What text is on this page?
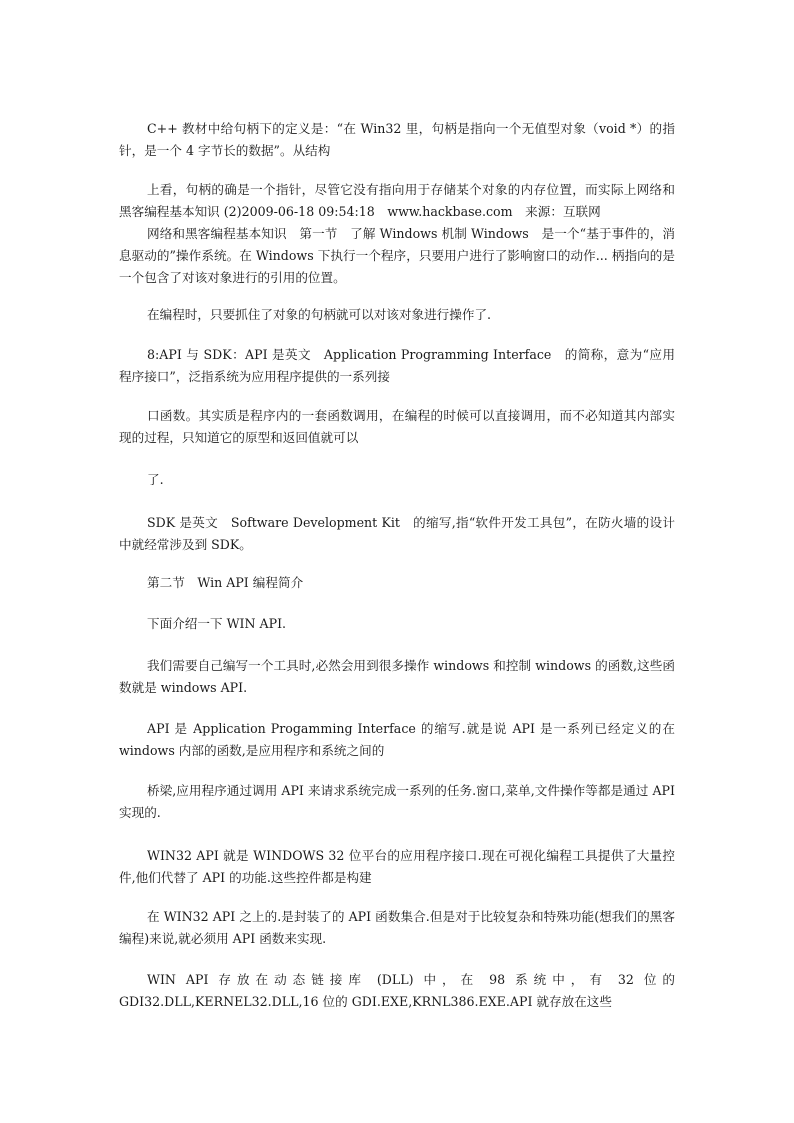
C++ 教材中给句柄下的定义是：“在 Win32 里，句柄是指向一个无值型对象（void *）的指针，是一个 4 字节长的数据”。从结构

上看，句柄的确是一个指针，尽管它没有指向用于存储某个对象的内存位置，而实际上网络和黑客编程基本知识 (2)2009-06-18 09:54:18　www.hackbase.com　来源：互联网

网络和黑客编程基本知识　第一节　了解 Windows 机制 Windows　是一个“基于事件的，消息驱动的”操作系统。在 Windows 下执行一个程序，只要用户进行了影响窗口的动作... 柄指向的是一个包含了对该对象进行的引用的位置。

在编程时，只要抓住了对象的句柄就可以对该对象进行操作了.

8:API 与 SDK：API 是英文　Application Programming Interface　的简称，意为“应用程序接口”，泛指系统为应用程序提供的一系列接

口函数。其实质是程序内的一套函数调用，在编程的时候可以直接调用，而不必知道其内部实现的过程，只知道它的原型和返回值就可以

了.

SDK 是英文　Software Development Kit　的缩写,指“软件开发工具包”，在防火墙的设计中就经常涉及到 SDK。

第二节　Win API 编程简介

下面介绍一下 WIN API.

我们需要自己编写一个工具时,必然会用到很多操作 windows 和控制 windows 的函数,这些函数就是 windows API.

API 是 Application Progamming Interface 的缩写.就是说 API 是一系列已经定义的在 windows 内部的函数,是应用程序和系统之间的

桥梁,应用程序通过调用 API 来请求系统完成一系列的任务.窗口,菜单,文件操作等都是通过 API 实现的.

WIN32 API 就是 WINDOWS 32 位平台的应用程序接口.现在可视化编程工具提供了大量控件,他们代替了 API 的功能.这些控件都是构建

在 WIN32 API 之上的.是封装了的 API 函数集合.但是对于比较复杂和特殊功能(想我们的黑客编程)来说,就必须用 API 函数来实现.

WIN API 存放在动态链接库 (DLL) 中，在 98 系统中，有 32 位的 GDI32.DLL,KERNEL32.DLL,16 位的 GDI.EXE,KRNL386.EXE.API 就存放在这些
